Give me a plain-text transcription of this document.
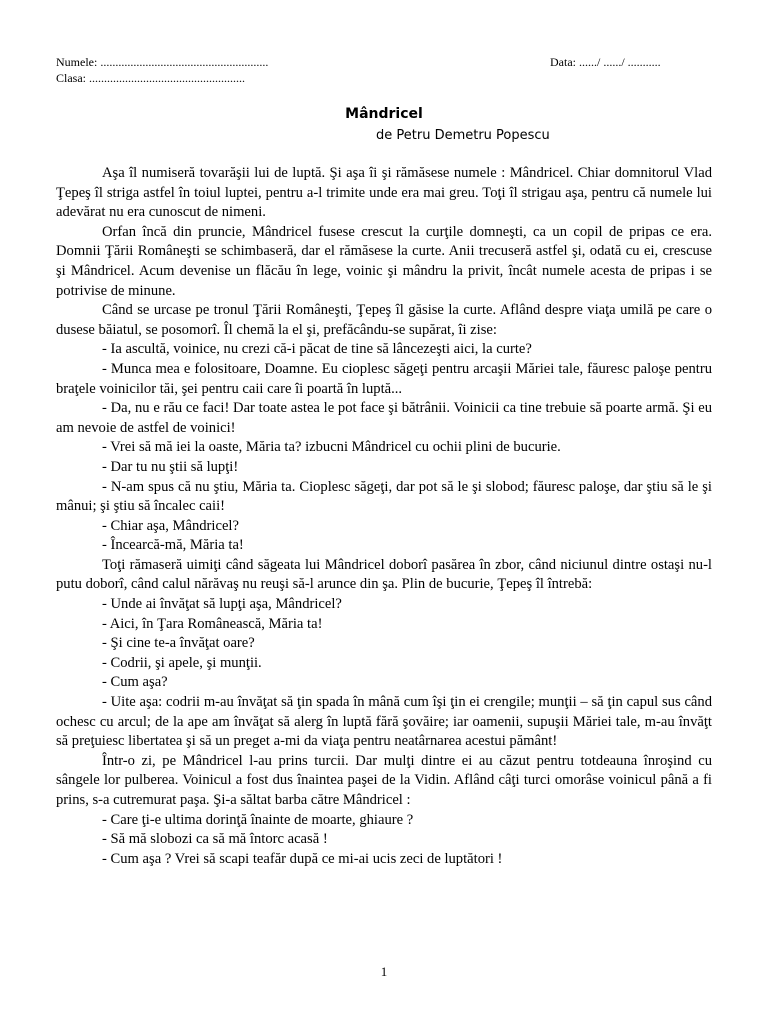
Numele: ........................................................	Data: ....../ ....../ ...........
Clasa: ....................................................
Mândricel
de Petru Demetru Popescu

Aşa îl numiseră tovarăşii lui de luptă. Şi aşa îi şi rămăsese numele : Mândricel. Chiar domnitorul Vlad Ţepeş îl striga astfel în toiul luptei, pentru a-l trimite unde era mai greu. Toţi îl strigau aşa, pentru că numele lui adevărat nu era cunoscut de nimeni.

Orfan încă din pruncie, Mândricel fusese crescut la curţile domneşti, ca un copil de pripas ce era. Domnii Ţării Româneşti se schimbaseră, dar el rămăsese la curte. Anii trecuseră astfel şi, odată cu ei, crescuse şi Mândricel. Acum devenise un flăcău în lege, voinic şi mândru la privit, încât numele acesta de pripas i se potrivise de minune.

Când se urcase pe tronul Ţării Româneşti, Ţepeş îl găsise la curte. Aflând despre viaţa umilă pe care o dusese băiatul, se posomorî. Îl chemă la el şi, prefăcându-se supărat, îi zise:

- Ia ascultă, voinice, nu crezi că-i păcat de tine să lâncezeşti aici, la curte?

- Munca mea e folositoare, Doamne. Eu cioplesc săgeţi pentru arcaşii Măriei tale, făuresc paloşe pentru braţele voinicilor tăi, şei pentru caii care îi poartă în luptă...

- Da, nu e rău ce faci! Dar toate astea le pot face şi bătrânii. Voinicii ca tine trebuie să poarte armă. Şi eu am nevoie de astfel de voinici!

- Vrei să mă iei la oaste, Măria ta? izbucni Mândricel cu ochii plini de bucurie.

- Dar tu nu ştii să lupţi!

- N-am spus că nu ştiu, Măria ta. Cioplesc săgeţi, dar pot să le şi slobod; făuresc paloşe, dar ştiu să le şi mânui; şi ştiu să încalec caii!

- Chiar aşa, Mândricel?

- Încearcă-mă, Măria ta!

Toţi rămaseră uimiţi când săgeata lui Mândricel doborî pasărea în zbor, când niciunul dintre ostaşi nu-l putu doborî, când calul nărăvaş nu reuşi să-l arunce din şa. Plin de bucurie, Ţepeş îl întrebă:

- Unde ai învăţat să lupţi aşa, Mândricel?

- Aici, în Ţara Românească, Măria ta!

- Şi cine te-a învăţat oare?

- Codrii, şi apele, şi munţii.

- Cum aşa?

- Uite aşa: codrii m-au învăţat să ţin spada în mână cum îşi ţin ei crengile; munţii – să ţin capul sus când ochesc cu arcul; de la ape am învăţat să alerg în luptă fără şovăire; iar oamenii, supuşii Măriei tale, m-au învăţt să preţuiesc libertatea şi să un preget a-mi da viaţa pentru neatârnarea acestui pământ!

Într-o zi, pe Mândricel l-au prins turcii. Dar mulţi dintre ei au căzut pentru totdeauna înroşind cu sângele lor pulberea. Voinicul a fost dus înaintea paşei de la Vidin. Aflând câţi turci omorâse voinicul până a fi prins, s-a cutremurat paşa. Şi-a săltat barba către Mândricel :

- Care ţi-e ultima dorinţă înainte de moarte, ghiaure ?

- Să mă slobozi ca să mă întorc acasă !

- Cum aşa ? Vrei să scapi teafăr după ce mi-ai ucis zeci de luptători !

1
